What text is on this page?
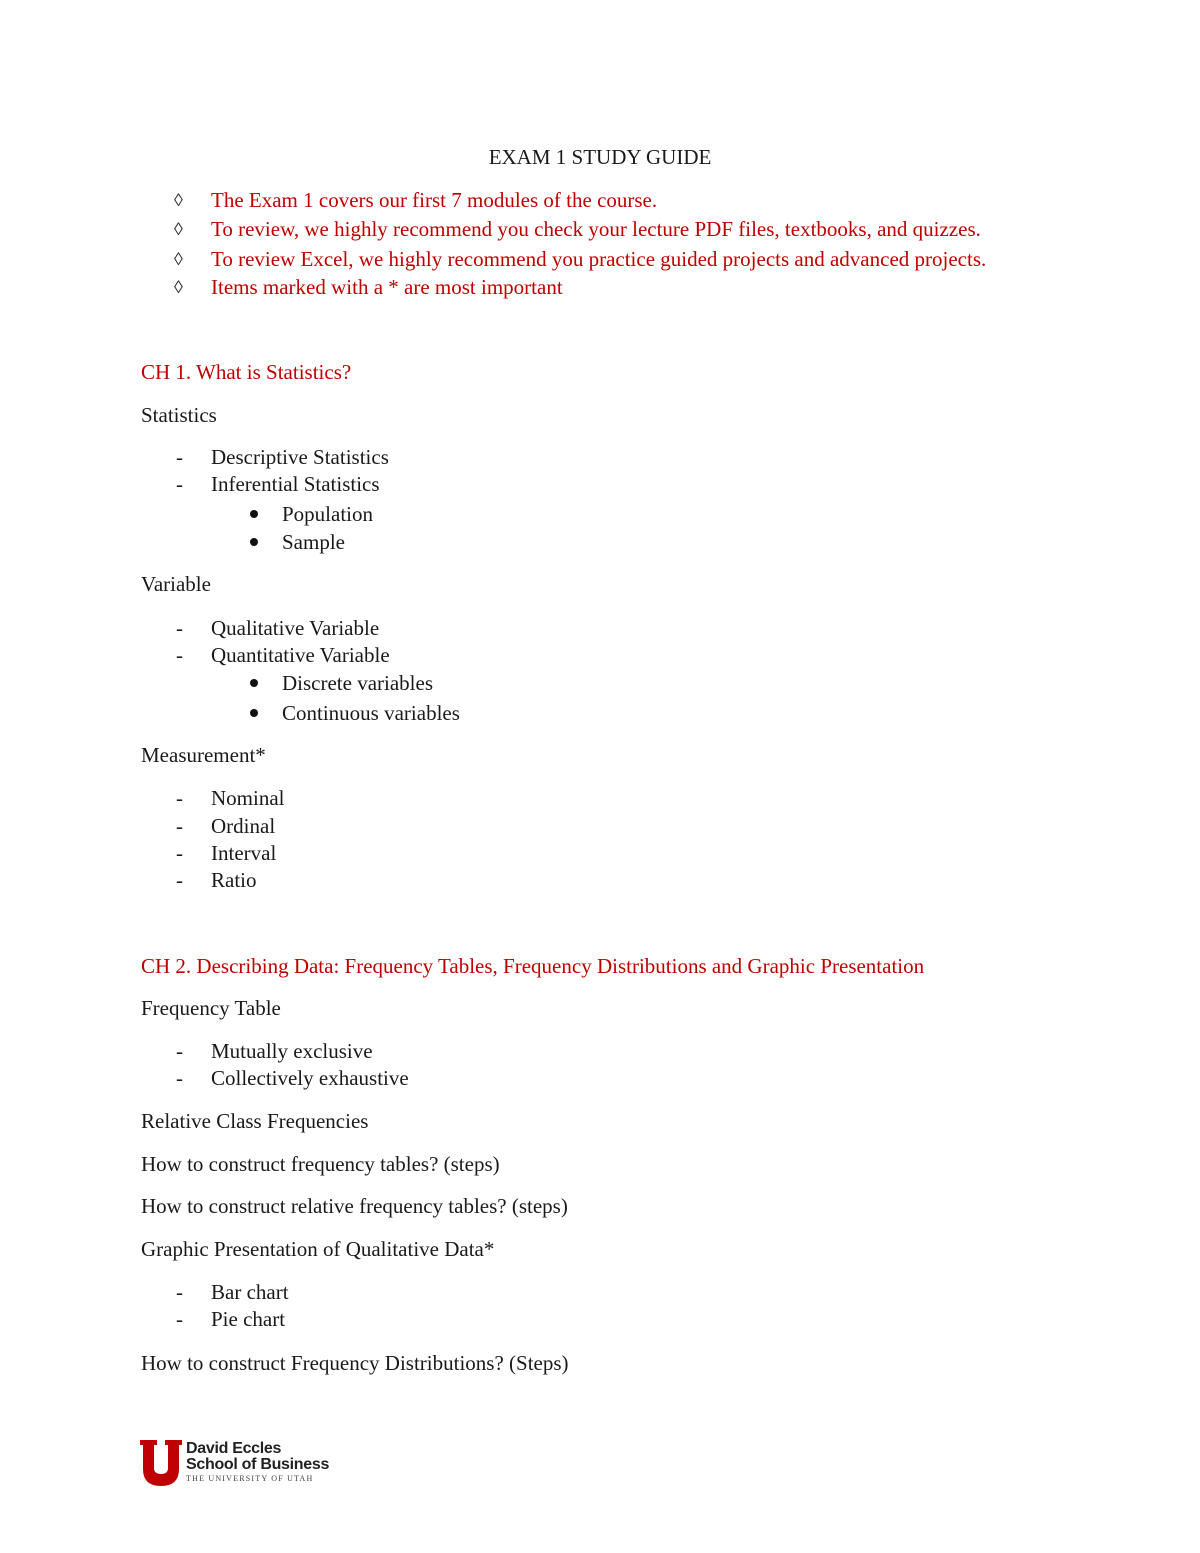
EXAM 1 STUDY GUIDE
◊ The Exam 1 covers our first 7 modules of the course.
◊ To review, we highly recommend you check your lecture PDF files, textbooks, and quizzes.
◊ To review Excel, we highly recommend you practice guided projects and advanced projects.
◊ Items marked with a * are most important
CH 1. What is Statistics?
Statistics
- Descriptive Statistics
- Inferential Statistics
Population
Sample
Variable
- Qualitative Variable
- Quantitative Variable
Discrete variables
Continuous variables
Measurement*
- Nominal
- Ordinal
- Interval
- Ratio
CH 2. Describing Data: Frequency Tables, Frequency Distributions and Graphic Presentation
Frequency Table
- Mutually exclusive
- Collectively exhaustive
Relative Class Frequencies
How to construct frequency tables? (steps)
How to construct relative frequency tables? (steps)
Graphic Presentation of Qualitative Data*
- Bar chart
- Pie chart
How to construct Frequency Distributions? (Steps)
David Eccles
School of Business
THE UNIVERSITY OF UTAH
